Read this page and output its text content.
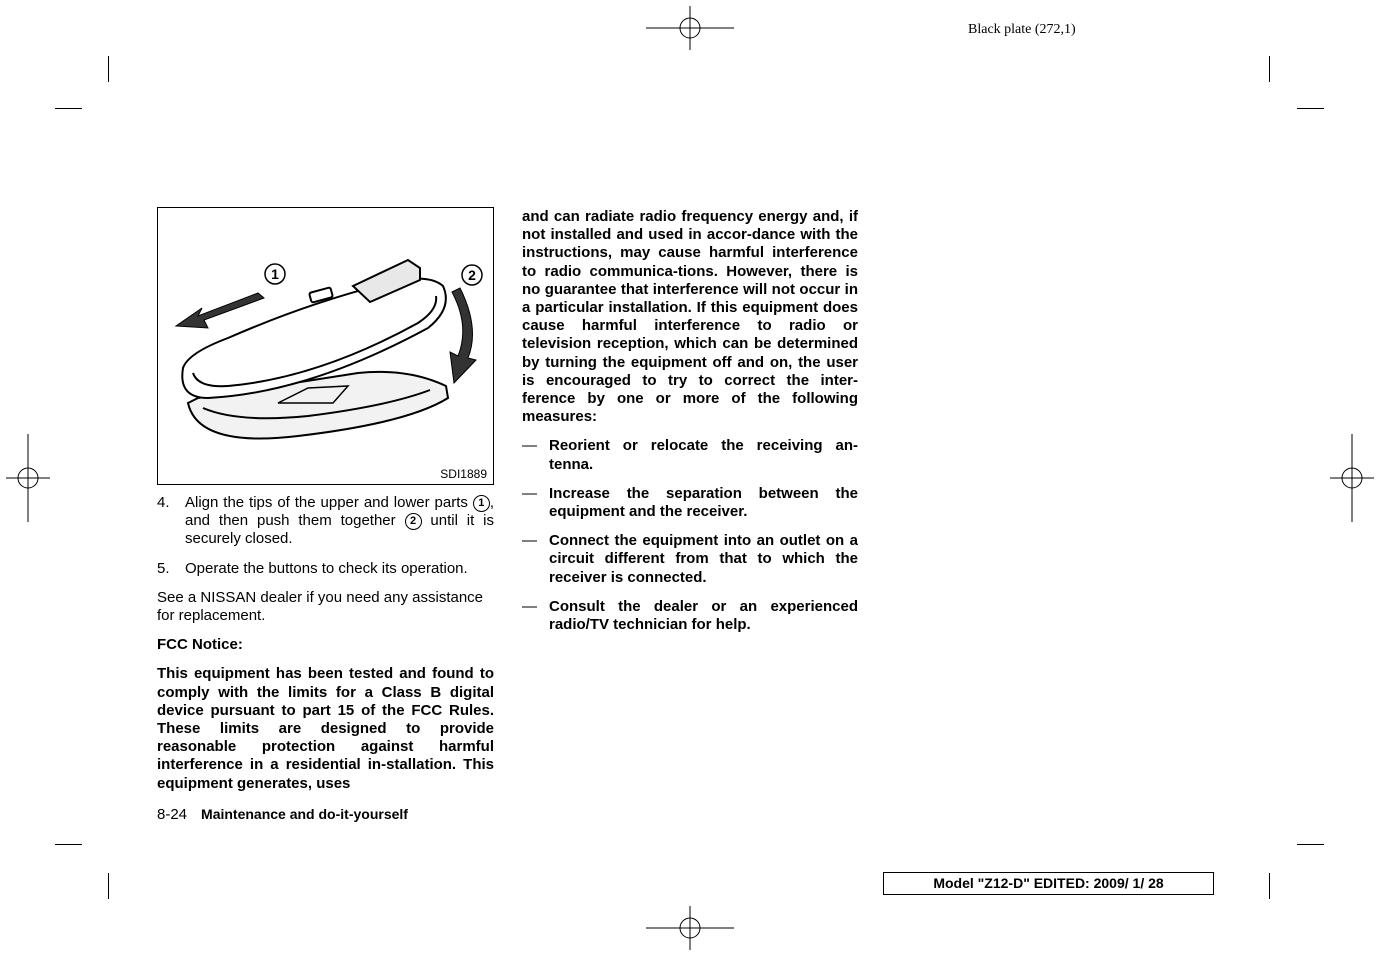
Black plate (272,1)
1	2
SDI1889
4. Align the tips of the upper and lower parts 1 , and then push them together 2 until it is securely closed.
5. Operate the buttons to check its operation.

See a NISSAN dealer if you need any assistance for replacement.

FCC Notice:

This equipment has been tested and found to comply with the limits for a Class B digital device pursuant to part 15 of the FCC Rules. These limits are designed to provide reasonable protection against harmful interference in a residential in-stallation. This equipment generates, uses

and can radiate radio frequency energy and, if not installed and used in accor-dance with the instructions, may cause harmful interference to radio communica-tions. However, there is no guarantee that interference will not occur in a particular installation. If this equipment does cause harmful interference to radio or television reception, which can be determined by turning the equipment off and on, the user is encouraged to try to correct the inter-ference by one or more of the following measures:

— Reorient or relocate the receiving an-tenna.
— Increase the separation between the equipment and the receiver.
— Connect the equipment into an outlet on a circuit different from that to which the receiver is connected.
— Consult the dealer or an experienced radio/TV technician for help.
8-24 Maintenance and do-it-yourself
Model "Z12-D" EDITED: 2009/ 1/ 28
